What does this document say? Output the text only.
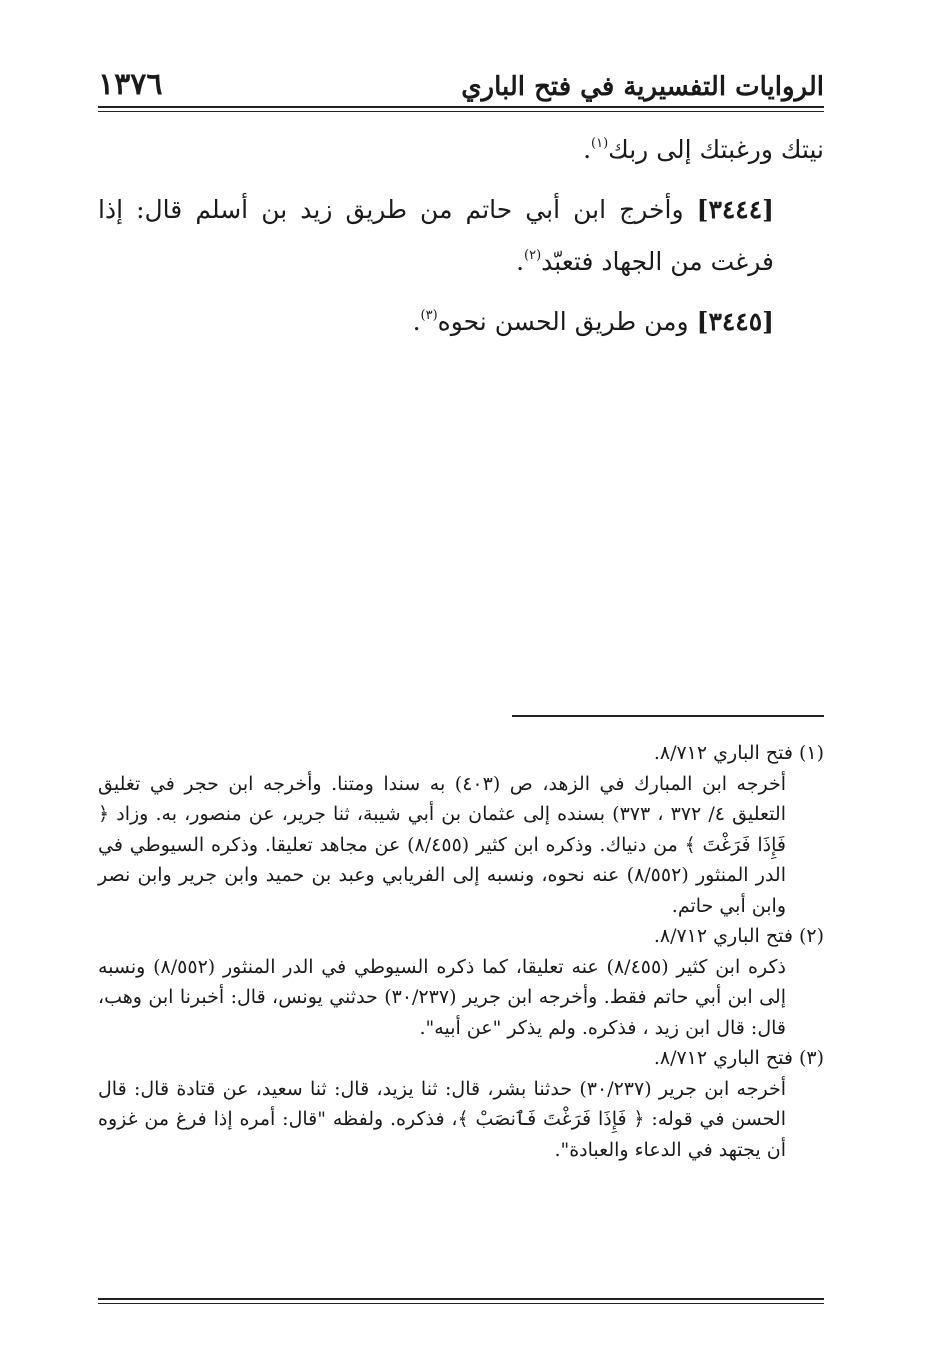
الروايات التفسيرية في فتح الباري
١٣٧٦

نيتك ورغبتك إلى ربك$^{(١)}$.

[٣٤٤٤] وأخرج ابن أبي حاتم من طريق زيد بن أسلم قال: إذا فرغت من الجهاد فتعبّد$^{(٢)}$.

[٣٤٤٥] ومن طريق الحسن نحوه$^{(٣)}$.

(١) فتح الباري ٨/٧١٢.

أخرجه ابن المبارك في الزهد، ص (٤٠٣) به سندا ومتنا. وأخرجه ابن حجر في تغليق التعليق ٤/ ٣٧٢ ، ٣٧٣) بسنده إلى عثمان بن أبي شيبة، ثنا جرير، عن منصور، به. وزاد ﴿ فَإِذَا فَرَغْتَ ﴾ من دنياك. وذكره ابن كثير (٨/٤٥٥) عن مجاهد تعليقا. وذكره السيوطي في الدر المنثور (٨/٥٥٢) عنه نحوه، ونسبه إلى الفريابي وعبد بن حميد وابن جرير وابن نصر وابن أبي حاتم.

(٢) فتح الباري ٨/٧١٢.

ذكره ابن كثير (٨/٤٥٥) عنه تعليقا، كما ذكره السيوطي في الدر المنثور (٨/٥٥٢) ونسبه إلى ابن أبي حاتم فقط. وأخرجه ابن جرير (٣٠/٢٣٧) حدثني يونس، قال: أخبرنا ابن وهب، قال: قال ابن زيد ، فذكره. ولم يذكر "عن أبيه".

(٣) فتح الباري ٨/٧١٢.

أخرجه ابن جرير (٣٠/٢٣٧) حدثنا بشر، قال: ثنا يزيد، قال: ثنا سعيد، عن قتادة قال: قال الحسن في قوله: ﴿ فَإِذَا فَرَغْتَ فَٱنصَبْ ﴾، فذكره. ولفظه "قال: أمره إذا فرغ من غزوه أن يجتهد في الدعاء والعبادة".
